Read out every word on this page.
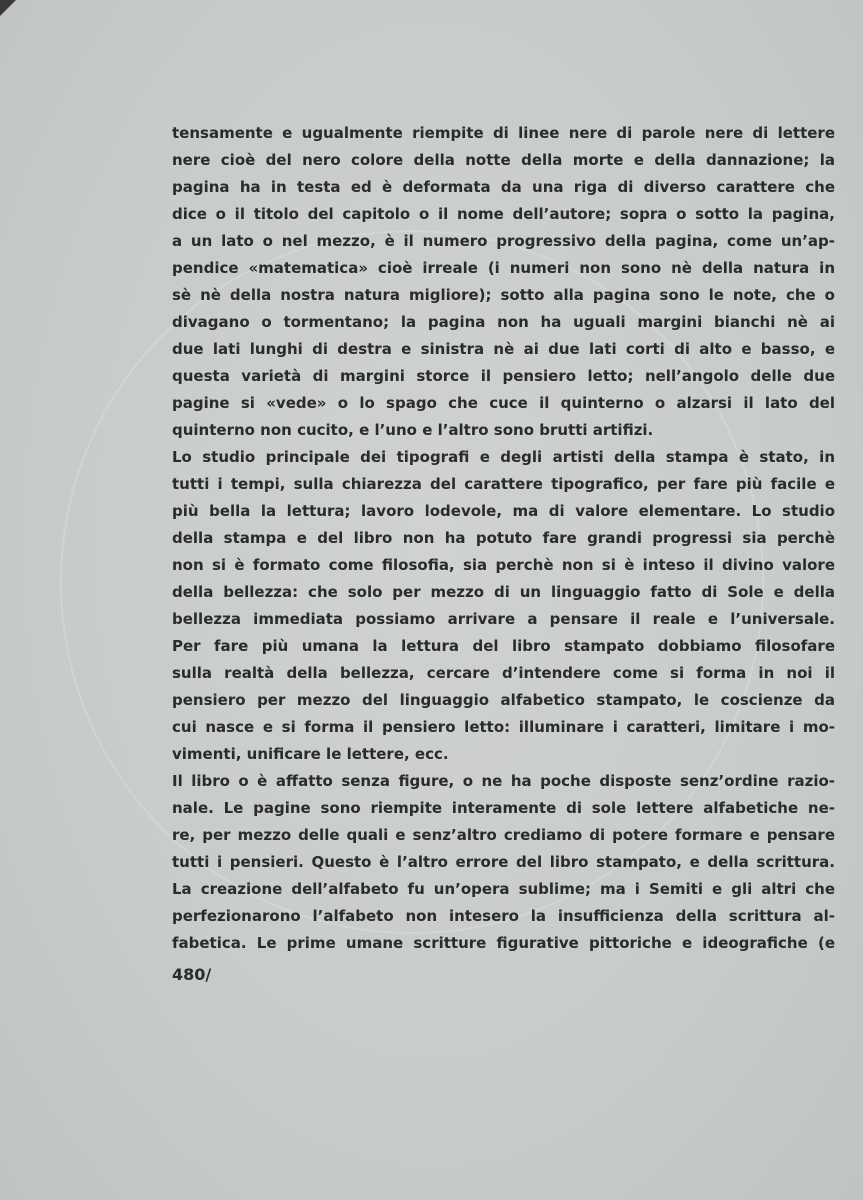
tensamente e ugualmente riempite di linee nere di parole nere di lettere
nere cioè del nero colore della notte della morte e della dannazione; la
pagina ha in testa ed è deformata da una riga di diverso carattere che
dice o il titolo del capitolo o il nome dell’autore; sopra o sotto la pagina,
a un lato o nel mezzo, è il numero progressivo della pagina, come un’ap-
pendice «matematica» cioè irreale (i numeri non sono nè della natura in
sè nè della nostra natura migliore); sotto alla pagina sono le note, che o
divagano o tormentano; la pagina non ha uguali margini bianchi nè ai
due lati lunghi di destra e sinistra nè ai due lati corti di alto e basso, e
questa varietà di margini storce il pensiero letto; nell’angolo delle due
pagine si «vede» o lo spago che cuce il quinterno o alzarsi il lato del
quinterno non cucito, e l’uno e l’altro sono brutti artifizi.
Lo studio principale dei tipografi e degli artisti della stampa è stato, in
tutti i tempi, sulla chiarezza del carattere tipografico, per fare più facile e
più bella la lettura; lavoro lodevole, ma di valore elementare. Lo studio
della stampa e del libro non ha potuto fare grandi progressi sia perchè
non si è formato come filosofia, sia perchè non si è inteso il divino valore
della bellezza: che solo per mezzo di un linguaggio fatto di Sole e della
bellezza immediata possiamo arrivare a pensare il reale e l’universale.
Per fare più umana la lettura del libro stampato dobbiamo filosofare
sulla realtà della bellezza, cercare d’intendere come si forma in noi il
pensiero per mezzo del linguaggio alfabetico stampato, le coscienze da
cui nasce e si forma il pensiero letto: illuminare i caratteri, limitare i mo-
vimenti, unificare le lettere, ecc.
Il libro o è affatto senza figure, o ne ha poche disposte senz’ordine razio-
nale. Le pagine sono riempite interamente di sole lettere alfabetiche ne-
re, per mezzo delle quali e senz’altro crediamo di potere formare e pensare
tutti i pensieri. Questo è l’altro errore del libro stampato, e della scrittura.
La creazione dell’alfabeto fu un’opera sublime; ma i Semiti e gli altri che
perfezionarono l’alfabeto non intesero la insufficienza della scrittura al-
fabetica. Le prime umane scritture figurative pittoriche e ideografiche (e
480/
